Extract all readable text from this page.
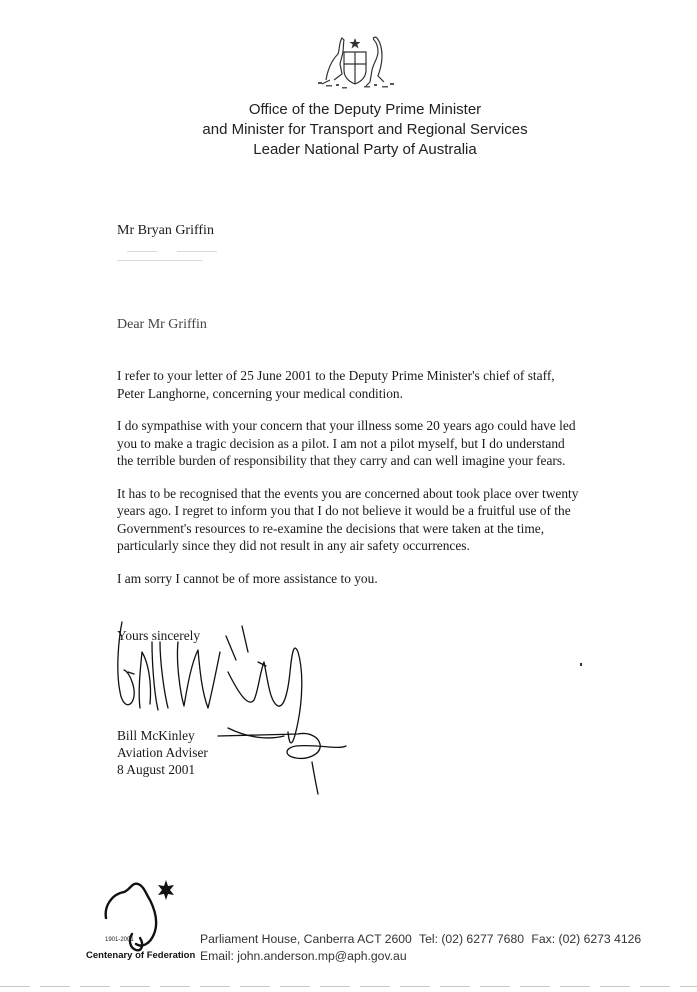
Office of the Deputy Prime Minister
and Minister for Transport and Regional Services
Leader National Party of Australia
Mr Bryan Griffin
Dear Mr Griffin

I refer to your letter of 25 June 2001 to the Deputy Prime Minister's chief of staff,
Peter Langhorne, concerning your medical condition.

I do sympathise with your concern that your illness some 20 years ago could have led
you to make a tragic decision as a pilot. I am not a pilot myself, but I do understand
the terrible burden of responsibility that they carry and can well imagine your fears.

It has to be recognised that the events you are concerned about took place over twenty
years ago. I regret to inform you that I do not believe it would be a fruitful use of the
Government's resources to re-examine the decisions that were taken at the time,
particularly since they did not result in any air safety occurrences.

I am sorry I cannot be of more assistance to you.

Yours sincerely
Bill McKinley
Aviation Adviser
8 August 2001
1901-2001
Centenary of Federation
Parliament House, Canberra ACT 2600 Tel: (02) 6277 7680 Fax: (02) 6273 4126
Email: john.anderson.mp@aph.gov.au
